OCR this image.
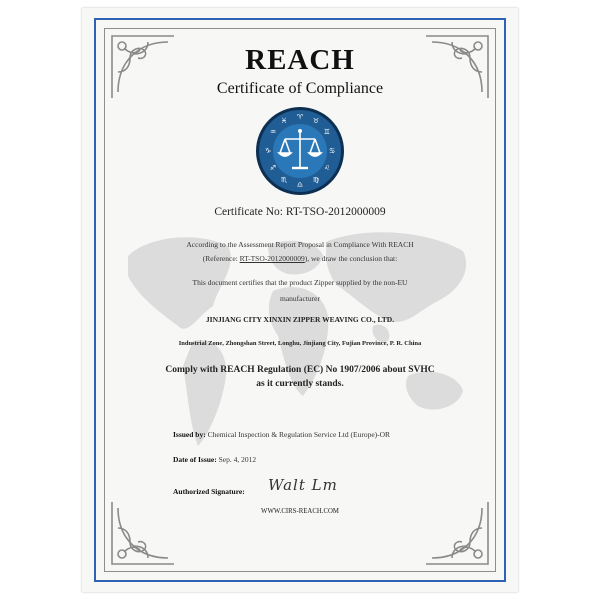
REACH

Certificate of Compliance

♈ ♉
♊
♋
♌
♍
♎
♏
♐
♑
♒
♓

Certificate No: RT-TSO-2012000009

According to the Assessment Report Proposal in Compliance With REACH

(Reference: RT-TSO-2012000009), we draw the conclusion that:

This document certifies that the product Zipper supplied by the non-EU

manufacturer

JINJIANG CITY XINXIN ZIPPER WEAVING CO., LTD.

Industrial Zone, Zhongshan Street, Longhu, Jinjiang City, Fujian Province, P. R. China

Comply with REACH Regulation (EC) No 1907/2006 about SVHC
as it currently stands.

Issued by: Chemical Inspection & Regulation Service Ltd (Europe)-OR
Date of Issue: Sep. 4, 2012
Authorized Signature: Walt Lm

WWW.CIRS-REACH.COM
